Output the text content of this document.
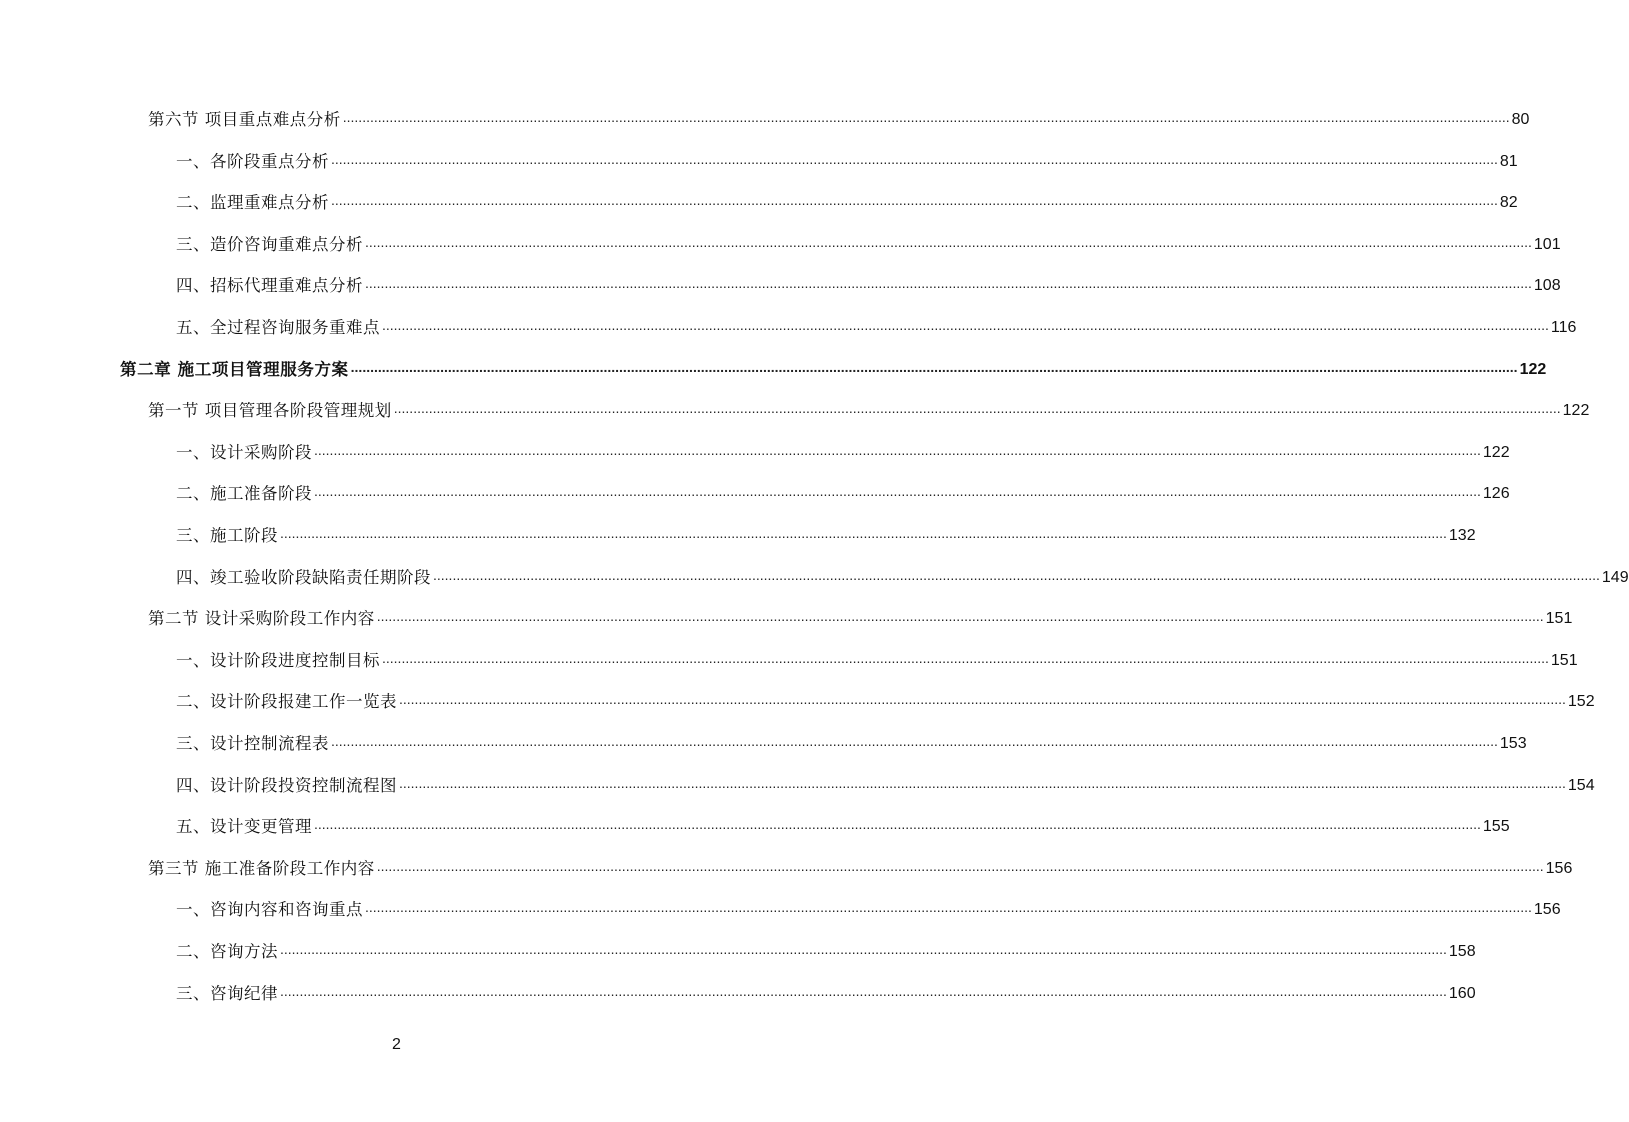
第六节 项目重点难点分析 ............................................................................................................................................................................................................................................................................................................ 80
一、各阶段重点分析 ............................................................................................................................................................................................................................................................................................................ 81
二、监理重难点分析 ............................................................................................................................................................................................................................................................................................................ 82
三、造价咨询重难点分析 ............................................................................................................................................................................................................................................................................................................ 101
四、招标代理重难点分析 ............................................................................................................................................................................................................................................................................................................ 108
五、全过程咨询服务重难点 ............................................................................................................................................................................................................................................................................................................ 116
第二章 施工项目管理服务方案 ............................................................................................................................................................................................................................................................................................................ 122
第一节 项目管理各阶段管理规划 ............................................................................................................................................................................................................................................................................................................ 122
一、设计采购阶段 ............................................................................................................................................................................................................................................................................................................ 122
二、施工准备阶段 ............................................................................................................................................................................................................................................................................................................ 126
三、施工阶段 ............................................................................................................................................................................................................................................................................................................ 132
四、竣工验收阶段缺陷责任期阶段 ............................................................................................................................................................................................................................................................................................................ 149
第二节 设计采购阶段工作内容 ............................................................................................................................................................................................................................................................................................................ 151
一、设计阶段进度控制目标 ............................................................................................................................................................................................................................................................................................................ 151
二、设计阶段报建工作一览表 ............................................................................................................................................................................................................................................................................................................ 152
三、设计控制流程表 ............................................................................................................................................................................................................................................................................................................ 153
四、设计阶段投资控制流程图 ............................................................................................................................................................................................................................................................................................................ 154
五、设计变更管理 ............................................................................................................................................................................................................................................................................................................ 155
第三节 施工准备阶段工作内容 ............................................................................................................................................................................................................................................................................................................ 156
一、咨询内容和咨询重点 ............................................................................................................................................................................................................................................................................................................ 156
二、咨询方法 ............................................................................................................................................................................................................................................................................................................ 158
三、咨询纪律 ............................................................................................................................................................................................................................................................................................................ 160
2
